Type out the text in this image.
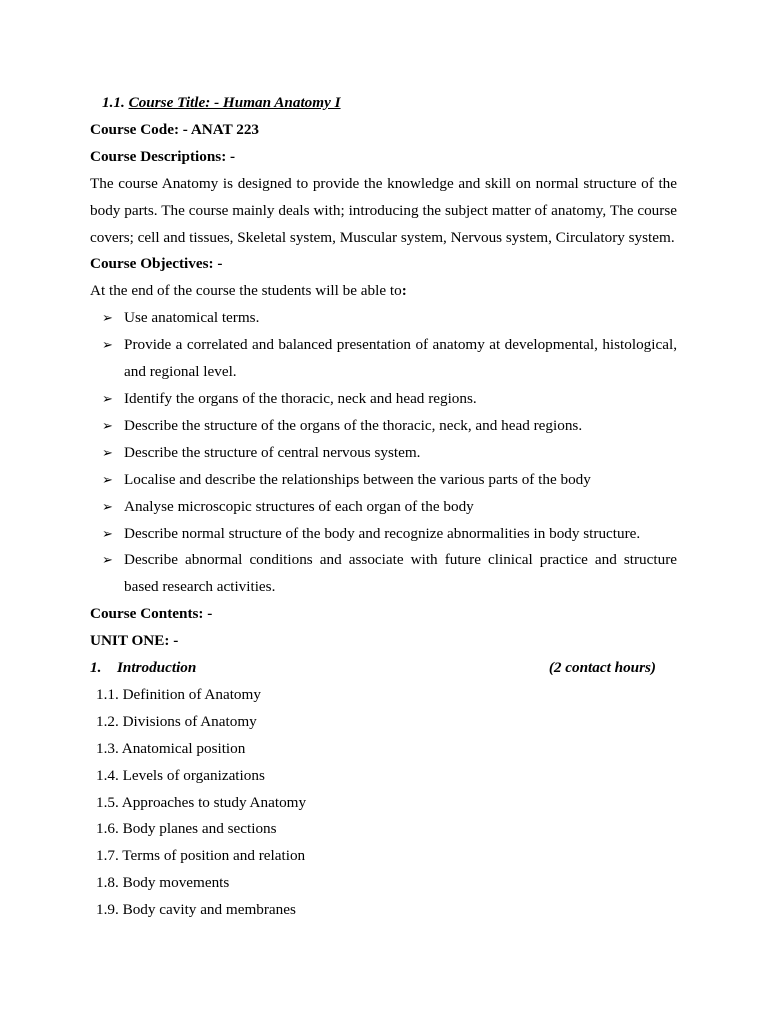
1.1. Course Title: - Human Anatomy I

Course Code: - ANAT 223

Course Descriptions: -

The course Anatomy is designed to provide the knowledge and skill on normal structure of the body parts. The course mainly deals with; introducing the subject matter of anatomy, The course covers; cell and tissues, Skeletal system, Muscular system, Nervous system, Circulatory system.

Course Objectives: -

At the end of the course the students will be able to:

➢ Use anatomical terms.
➢ Provide a correlated and balanced presentation of anatomy at developmental, histological, and regional level.
➢ Identify the organs of the thoracic, neck and head regions.
➢ Describe the structure of the organs of the thoracic, neck, and head regions.
➢ Describe the structure of central nervous system.
➢ Localise and describe the relationships between the various parts of the body
➢ Analyse microscopic structures of each organ of the body
➢ Describe normal structure of the body and recognize abnormalities in body structure.
➢ Describe abnormal conditions and associate with future clinical practice and structure based research activities.

Course Contents: -

UNIT ONE: -

1. Introduction	(2 contact hours)
1.1. Definition of Anatomy
1.2. Divisions of Anatomy
1.3. Anatomical position
1.4. Levels of organizations
1.5. Approaches to study Anatomy
1.6. Body planes and sections
1.7. Terms of position and relation
1.8. Body movements
1.9. Body cavity and membranes
